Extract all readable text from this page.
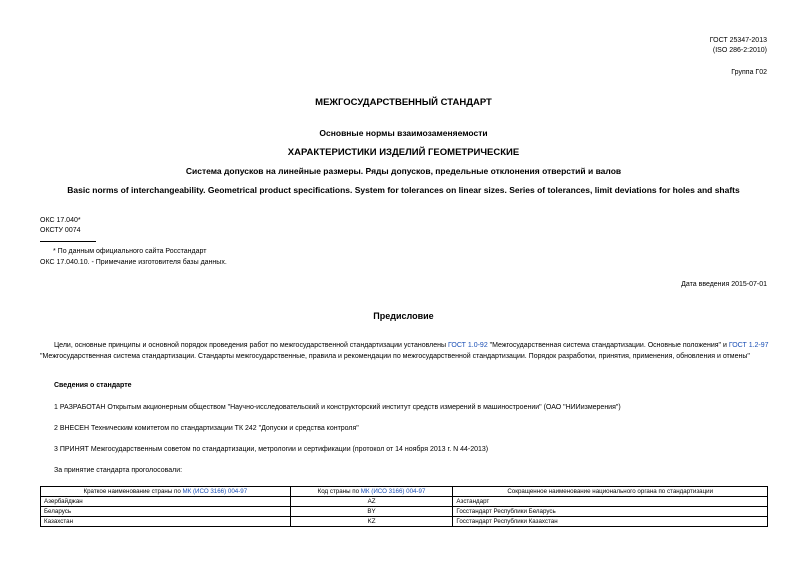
ГОСТ 25347-2013
(ISO 286-2:2010)
Группа Г02
МЕЖГОСУДАРСТВЕННЫЙ СТАНДАРТ
Основные нормы взаимозаменяемости
ХАРАКТЕРИСТИКИ ИЗДЕЛИЙ ГЕОМЕТРИЧЕСКИЕ
Система допусков на линейные размеры. Ряды допусков, предельные отклонения отверстий и валов
Basic norms of interchangeability. Geometrical product specifications. System for tolerances on linear sizes. Series of tolerances, limit deviations for holes and shafts
ОКС 17.040*
ОКСТУ 0074
* По данным официального сайта Росстандарт
ОКС 17.040.10. - Примечание изготовителя базы данных.
Дата введения 2015-07-01
Предисловие
Цели, основные принципы и основной порядок проведения работ по межгосударственной стандартизации установлены ГОСТ 1.0-92 "Межгосударственная система стандартизации. Основные положения" и ГОСТ 1.2-97 "Межгосударственная система стандартизации. Стандарты межгосударственные, правила и рекомендации по межгосударственной стандартизации. Порядок разработки, принятия, применения, обновления и отмены"
Сведения о стандарте
1 РАЗРАБОТАН Открытым акционерным обществом "Научно-исследовательский и конструкторский институт средств измерений в машиностроении" (ОАО "НИИизмерения")
2 ВНЕСЕН Техническим комитетом по стандартизации ТК 242 "Допуски и средства контроля"
3 ПРИНЯТ Межгосударственным советом по стандартизации, метрологии и сертификации (протокол от 14 ноября 2013 г. N 44-2013)
За принятие стандарта проголосовали:
Краткое наименование страны по МК (ИСО 3166) 004-97	Код страны по МК (ИСО 3166) 004-97	Сокращенное наименование национального органа по стандартизации
Азербайджан	AZ	Азстандарт
Беларусь	BY	Госстандарт Республики Беларусь
Казахстан	KZ	Госстандарт Республики Казахстан
